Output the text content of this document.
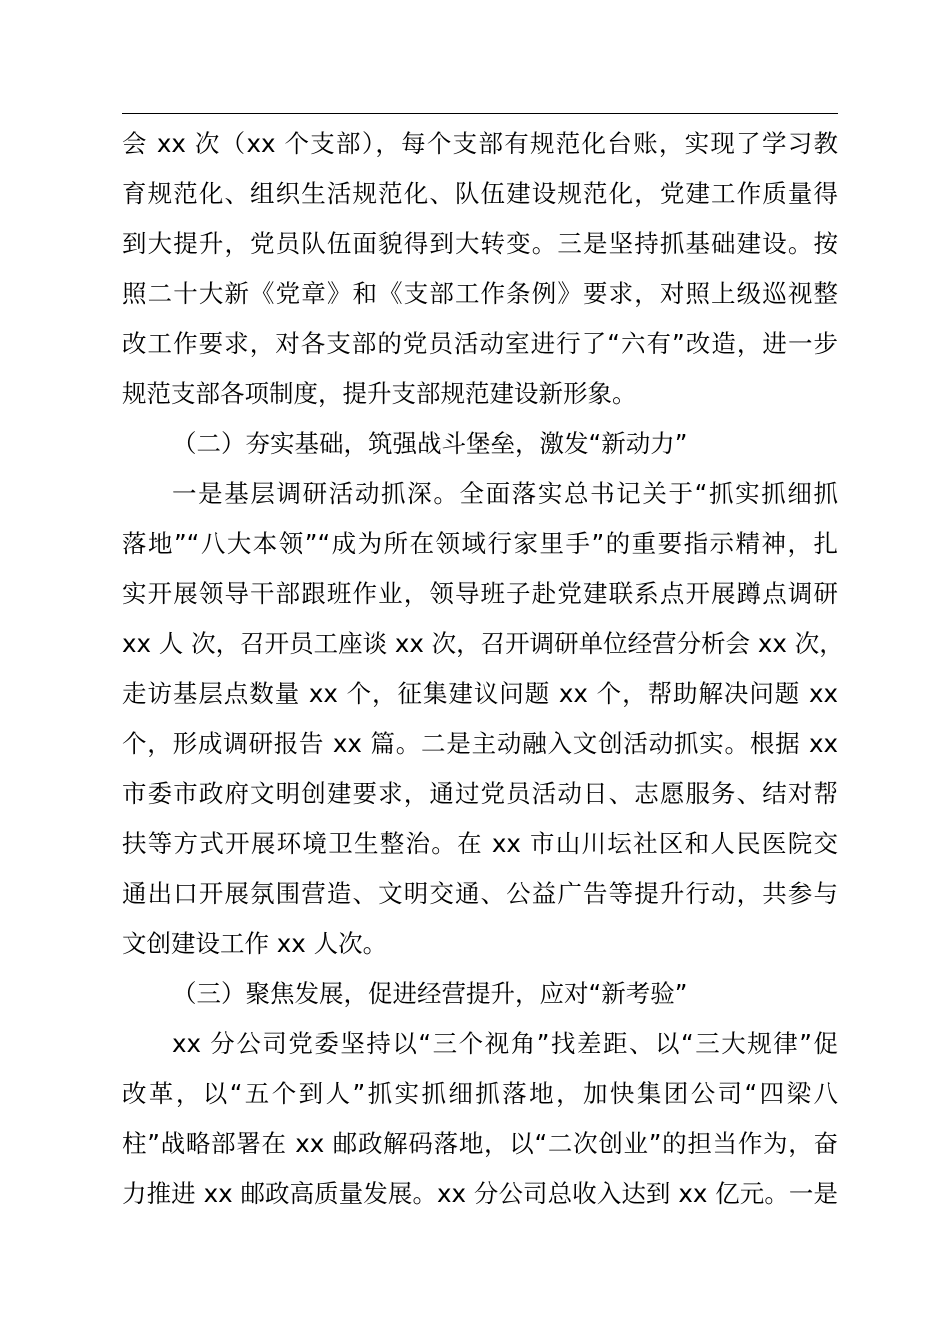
会 xx 次（xx 个支部），每个支部有规范化台账，实现了学习教
育规范化、组织生活规范化、队伍建设规范化，党建工作质量得
到大提升，党员队伍面貌得到大转变。三是坚持抓基础建设。按
照二十大新《党章》和《支部工作条例》要求，对照上级巡视整
改工作要求，对各支部的党员活动室进行了“六有”改造，进一步
规范支部各项制度，提升支部规范建设新形象。
（二）夯实基础，筑强战斗堡垒，激发“新动力”
一是基层调研活动抓深。全面落实总书记关于“抓实抓细抓
落地”“八大本领”“成为所在领域行家里手”的重要指示精神，扎
实开展领导干部跟班作业，领导班子赴党建联系点开展蹲点调研
xx 人 次，召开员工座谈 xx 次，召开调研单位经营分析会 xx 次，
走访基层点数量 xx 个，征集建议问题 xx 个，帮助解决问题 xx
个，形成调研报告 xx 篇。二是主动融入文创活动抓实。根据 xx
市委市政府文明创建要求，通过党员活动日、志愿服务、结对帮
扶等方式开展环境卫生整治。在 xx 市山川坛社区和人民医院交
通出口开展氛围营造、文明交通、公益广告等提升行动，共参与
文创建设工作 xx 人次。
（三）聚焦发展，促进经营提升，应对“新考验”
xx 分公司党委坚持以“三个视角”找差距、以“三大规律”促
改革，以“五个到人”抓实抓细抓落地，加快集团公司“四梁八
柱”战略部署在 xx 邮政解码落地，以“二次创业”的担当作为，奋
力推进 xx 邮政高质量发展。xx 分公司总收入达到 xx 亿元。一是
